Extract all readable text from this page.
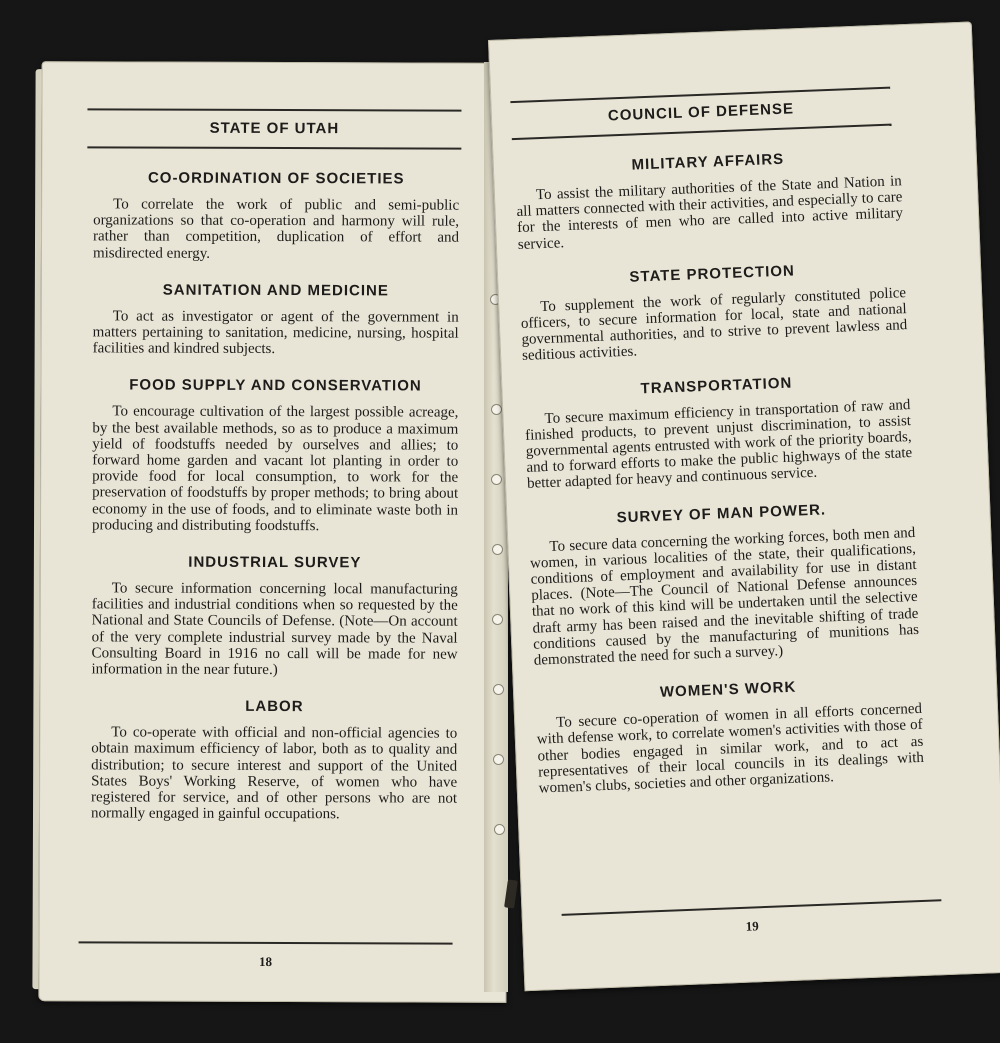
STATE OF UTAH
CO-ORDINATION OF SOCIETIES

To correlate the work of public and semi-public organizations so that co-operation and harmony will rule, rather than competition, duplication of effort and misdirected energy.

SANITATION AND MEDICINE

To act as investigator or agent of the government in matters pertaining to sanitation, medicine, nursing, hospital facilities and kindred subjects.

FOOD SUPPLY AND CONSERVATION

To encourage cultivation of the largest possible acreage, by the best available methods, so as to produce a maximum yield of foodstuffs needed by ourselves and allies; to forward home garden and vacant lot planting in order to provide food for local consumption, to work for the preservation of foodstuffs by proper methods; to bring about economy in the use of foods, and to eliminate waste both in producing and distributing foodstuffs.

INDUSTRIAL SURVEY

To secure information concerning local manufacturing facilities and industrial conditions when so requested by the National and State Councils of Defense. (Note—On account of the very complete industrial survey made by the Naval Consulting Board in 1916 no call will be made for new information in the near future.)

LABOR

To co-operate with official and non-official agencies to obtain maximum efficiency of labor, both as to quality and distribution; to secure interest and support of the United States Boys' Working Reserve, of women who have registered for service, and of other persons who are not normally engaged in gainful occupations.

18
COUNCIL OF DEFENSE
MILITARY AFFAIRS

To assist the military authorities of the State and Nation in all matters connected with their activities, and especially to care for the interests of men who are called into active military service.

STATE PROTECTION

To supplement the work of regularly constituted police officers, to secure information for local, state and national governmental authorities, and to strive to prevent lawless and seditious activities.

TRANSPORTATION

To secure maximum efficiency in transportation of raw and finished products, to prevent unjust discrimination, to assist governmental agents entrusted with work of the priority boards, and to forward efforts to make the public highways of the state better adapted for heavy and continuous service.

SURVEY OF MAN POWER.

To secure data concerning the working forces, both men and women, in various localities of the state, their qualifications, conditions of employment and availability for use in distant places. (Note—The Council of National Defense announces that no work of this kind will be undertaken until the selective draft army has been raised and the inevitable shifting of trade conditions caused by the manufacturing of munitions has demonstrated the need for such a survey.)

WOMEN'S WORK

To secure co-operation of women in all efforts concerned with defense work, to correlate women's activities with those of other bodies engaged in similar work, and to act as representatives of their local councils in its dealings with women's clubs, societies and other organizations.

19
